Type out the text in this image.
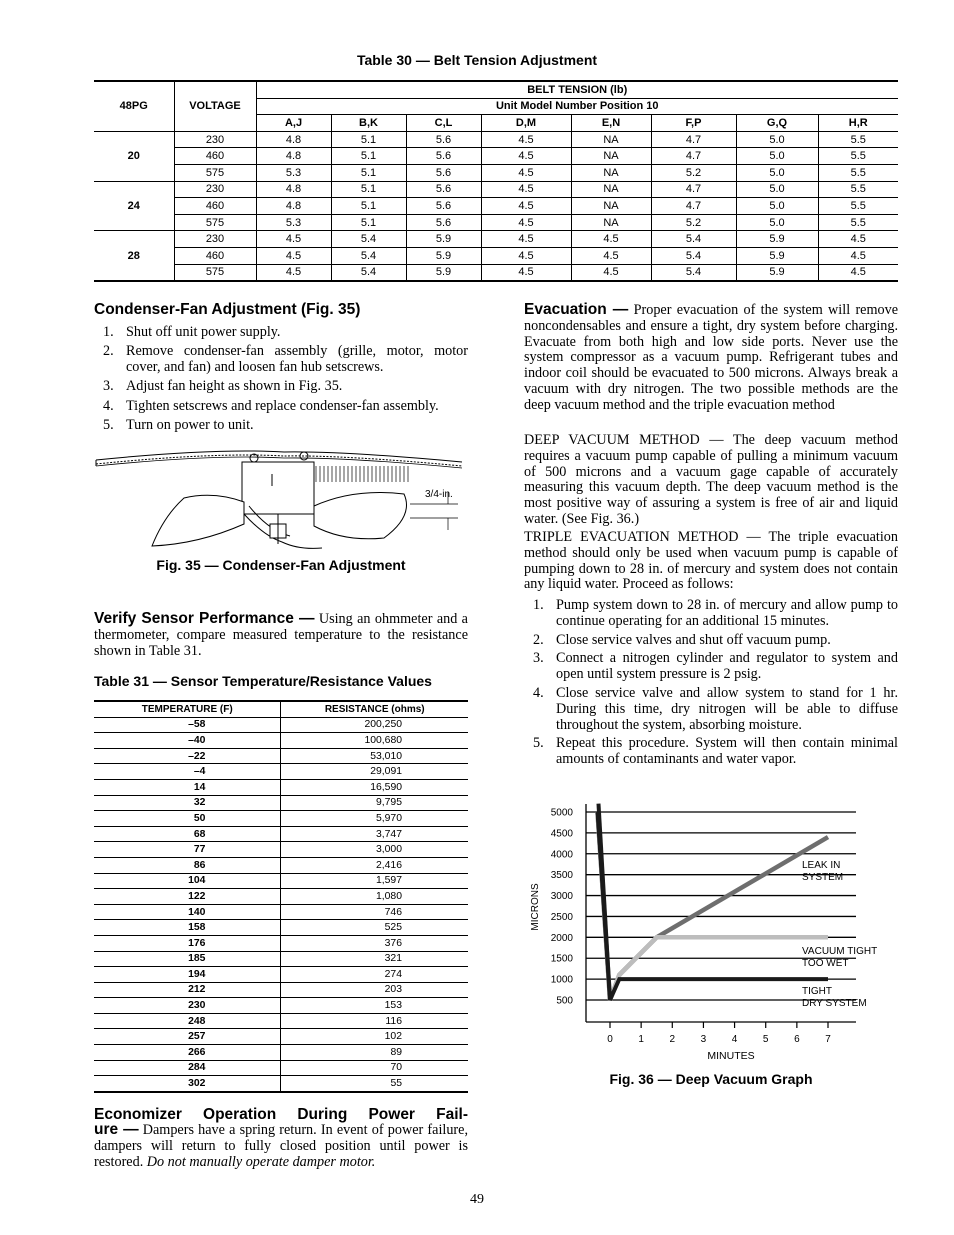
Table 30 — Belt Tension Adjustment
48PG	VOLTAGE	BELT TENSION (lb)							
		Unit Model Number Position 10							
		A,J	B,K	C,L	D,M	E,N	F,P	G,Q	H,R
20	230	4.8	5.1	5.6	4.5	NA	4.7	5.0	5.5
	460	4.8	5.1	5.6	4.5	NA	4.7	5.0	5.5
	575	5.3	5.1	5.6	4.5	NA	5.2	5.0	5.5
24	230	4.8	5.1	5.6	4.5	NA	4.7	5.0	5.5
	460	4.8	5.1	5.6	4.5	NA	4.7	5.0	5.5
	575	5.3	5.1	5.6	4.5	NA	5.2	5.0	5.5
28	230	4.5	5.4	5.9	4.5	4.5	5.4	5.9	4.5
	460	4.5	5.4	5.9	4.5	4.5	5.4	5.9	4.5
	575	4.5	5.4	5.9	4.5	4.5	5.4	5.9	4.5
Condenser-Fan Adjustment (Fig. 35)
1. Shut off unit power supply.
2. Remove condenser-fan assembly (grille, motor, motor cover, and fan) and loosen fan hub setscrews.
3. Adjust fan height as shown in Fig. 35.
4. Tighten setscrews and replace condenser-fan assembly.
5. Turn on power to unit.
3/4-in.
Fig. 35 — Condenser-Fan Adjustment
Verify Sensor Performance — Using an ohmmeter and a thermometer, compare measured temperature to the resistance shown in Table 31.
Table 31 — Sensor Temperature/Resistance Values
TEMPERATURE (F)	RESISTANCE (ohms)
–58	200,250
–40	100,680
–22	53,010
–4	29,091
14	16,590
32	9,795
50	5,970
68	3,747
77	3,000
86	2,416
104	1,597
122	1,080
140	746
158	525
176	376
185	321
194	274
212	203
230	153
248	116
257	102
266	89
284	70
302	55
Economizer Operation During Power Fail-
ure — Dampers have a spring return. In event of power failure, dampers will return to fully closed position until power is restored. Do not manually operate damper motor.
Evacuation — Proper evacuation of the system will remove noncondensables and ensure a tight, dry system before charging. Evacuate from both high and low side ports. Never use the system compressor as a vacuum pump. Refrigerant tubes and indoor coil should be evacuated to 500 microns. Always break a vacuum with dry nitrogen. The two possible methods are the deep vacuum method and the triple evacuation method
DEEP VACUUM METHOD — The deep vacuum method requires a vacuum pump capable of pulling a minimum vacuum of 500 microns and a vacuum gage capable of accurately measuring this vacuum depth. The deep vacuum method is the most positive way of assuring a system is free of air and liquid water. (See Fig. 36.)
TRIPLE EVACUATION METHOD — The triple evacuation method should only be used when vacuum pump is capable of pumping down to 28 in. of mercury and system does not contain any liquid water. Proceed as follows:
1. Pump system down to 28 in. of mercury and allow pump to continue operating for an additional 15 minutes.
2. Close service valves and shut off vacuum pump.
3. Connect a nitrogen cylinder and regulator to system and open until system pressure is 2 psig.
4. Close service valve and allow system to stand for 1 hr. During this time, dry nitrogen will be able to diffuse throughout the system, absorbing moisture.
5. Repeat this procedure. System will then contain minimal amounts of contaminants and water vapor.
500
1000
1500
2000
2500
3000
3500
4000
4500
5000
0	1	2	3	4	5	6	7
MINUTES
MICRONS
LEAK IN
SYSTEM
VACUUM TIGHT
TOO WET
TIGHT
DRY SYSTEM
Fig. 36 — Deep Vacuum Graph
49
